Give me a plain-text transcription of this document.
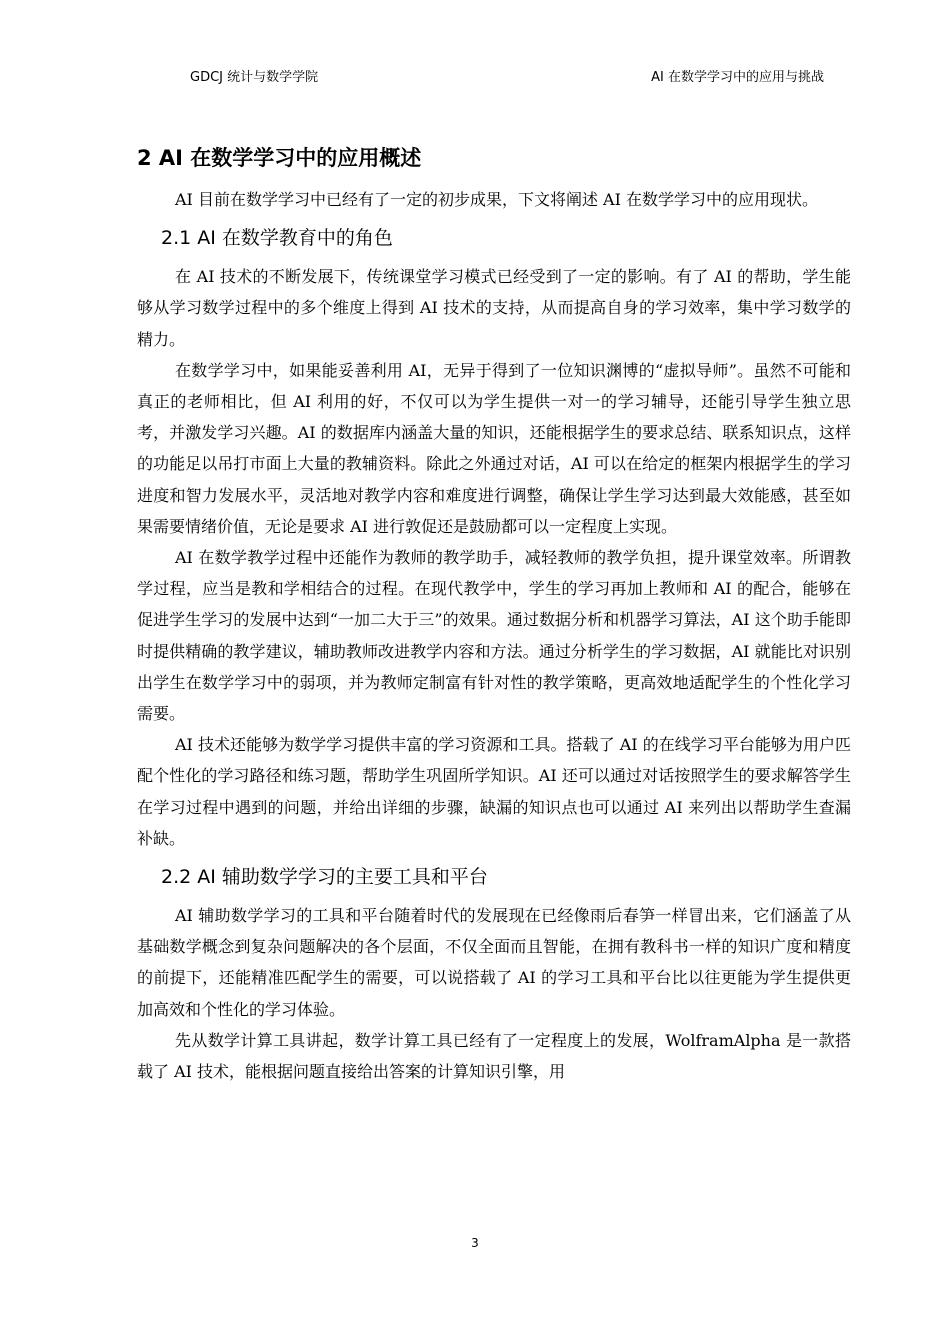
GDCJ 统计与数学学院	AI 在数学学习中的应用与挑战
2 AI 在数学学习中的应用概述

AI 目前在数学学习中已经有了一定的初步成果，下文将阐述 AI 在数学学习中的应用现状。

2.1 AI 在数学教育中的角色

在 AI 技术的不断发展下，传统课堂学习模式已经受到了一定的影响。有了 AI 的帮助，学生能够从学习数学过程中的多个维度上得到 AI 技术的支持，从而提高自身的学习效率，集中学习数学的精力。

在数学学习中，如果能妥善利用 AI，无异于得到了一位知识渊博的“虚拟导师”。虽然不可能和真正的老师相比，但 AI 利用的好，不仅可以为学生提供一对一的学习辅导，还能引导学生独立思考，并激发学习兴趣。AI 的数据库内涵盖大量的知识，还能根据学生的要求总结、联系知识点，这样的功能足以吊打市面上大量的教辅资料。除此之外通过对话，AI 可以在给定的框架内根据学生的学习进度和智力发展水平，灵活地对教学内容和难度进行调整，确保让学生学习达到最大效能感，甚至如果需要情绪价值，无论是要求 AI 进行敦促还是鼓励都可以一定程度上实现。

AI 在数学教学过程中还能作为教师的教学助手，减轻教师的教学负担，提升课堂效率。所谓教学过程，应当是教和学相结合的过程。在现代教学中，学生的学习再加上教师和 AI 的配合，能够在促进学生学习的发展中达到“一加二大于三”的效果。通过数据分析和机器学习算法，AI 这个助手能即时提供精确的教学建议，辅助教师改进教学内容和方法。通过分析学生的学习数据，AI 就能比对识别出学生在数学学习中的弱项，并为教师定制富有针对性的教学策略，更高效地适配学生的个性化学习需要。

AI 技术还能够为数学学习提供丰富的学习资源和工具。搭载了 AI 的在线学习平台能够为用户匹配个性化的学习路径和练习题，帮助学生巩固所学知识。AI 还可以通过对话按照学生的要求解答学生在学习过程中遇到的问题，并给出详细的步骤，缺漏的知识点也可以通过 AI 来列出以帮助学生查漏补缺。

2.2 AI 辅助数学学习的主要工具和平台

AI 辅助数学学习的工具和平台随着时代的发展现在已经像雨后春笋一样冒出来，它们涵盖了从基础数学概念到复杂问题解决的各个层面，不仅全面而且智能，在拥有教科书一样的知识广度和精度的前提下，还能精准匹配学生的需要，可以说搭载了 AI 的学习工具和平台比以往更能为学生提供更加高效和个性化的学习体验。

先从数学计算工具讲起，数学计算工具已经有了一定程度上的发展，WolframAlpha 是一款搭载了 AI 技术，能根据问题直接给出答案的计算知识引擎，用

3
